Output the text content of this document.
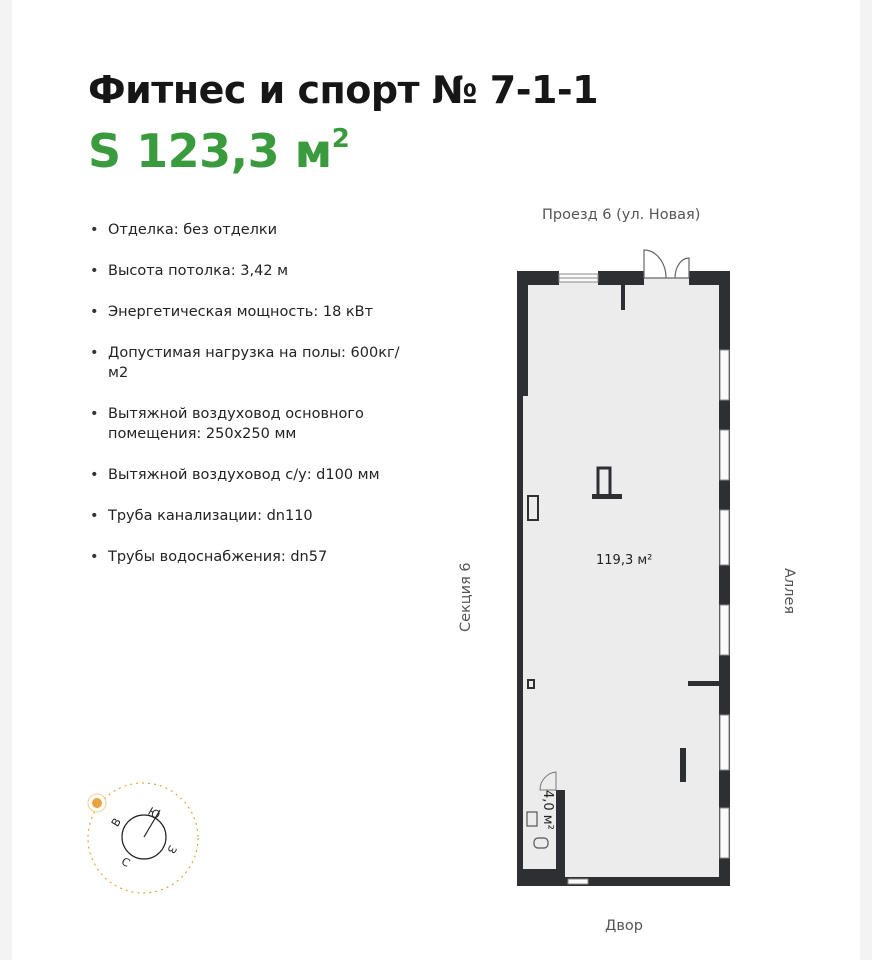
Фитнес и спорт № 7-1-1
S 123,3 $м^2$
• Отделка: без отделки
• Высота потолка: 3,42 м
• Энергетическая мощность: 18 кВт
• Допустимая нагрузка на полы: 600кг/м2
• Вытяжной воздуховод основного помещения: 250х250 мм
• Вытяжной воздуховод с/у: d100 мм
• Труба канализации: dn110
• Трубы водоснабжения: dn57
4,0 м²
119,3 м²
Проезд 6 (ул. Новая)
Секция 6	Аллея
Двор
Ю
В
С
З
